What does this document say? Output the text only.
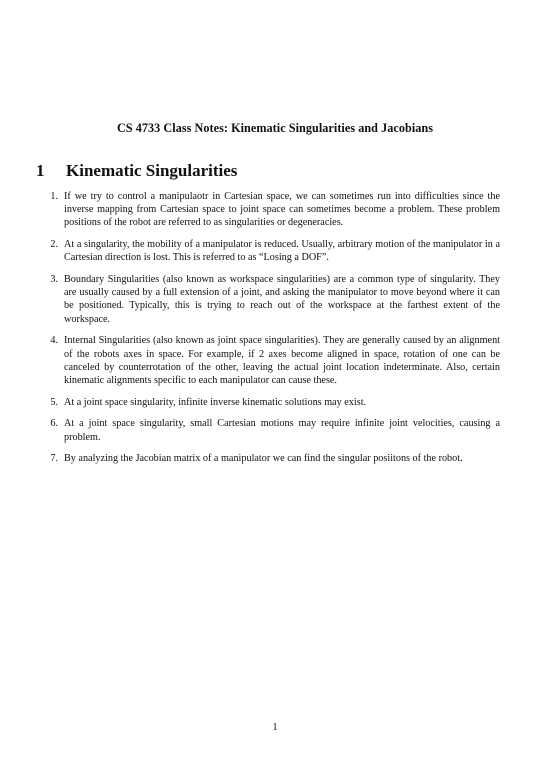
CS 4733 Class Notes: Kinematic Singularities and Jacobians
1 Kinematic Singularities
1. If we try to control a manipulaotr in Cartesian space, we can sometimes run into difficulties since the inverse mapping from Cartesian space to joint space can sometimes become a problem. These problem positions of the robot are referred to as singularities or degeneracies.
2. At a singularity, the mobility of a manipulator is reduced. Usually, arbitrary motion of the manipulator in a Cartesian direction is lost. This is referred to as “Losing a DOF”.
3. Boundary Singularities (also known as workspace singularities) are a common type of singularity. They are usually caused by a full extension of a joint, and asking the manipulator to move beyond where it can be positioned. Typically, this is trying to reach out of the workspace at the farthest extent of the workspace.
4. Internal Singularities (also known as joint space singularities). They are generally caused by an alignment of the robots axes in space. For example, if 2 axes become aligned in space, rotation of one can be canceled by counterrotation of the other, leaving the actual joint location indeterminate. Also, certain kinematic alignments specific to each manipulator can cause these.
5. At a joint space singularity, infinite inverse kinematic solutions may exist.
6. At a joint space singularity, small Cartesian motions may require infinite joint velocities, causing a problem.
7. By analyzing the Jacobian matrix of a manipulator we can find the singular posiitons of the robot.
1
